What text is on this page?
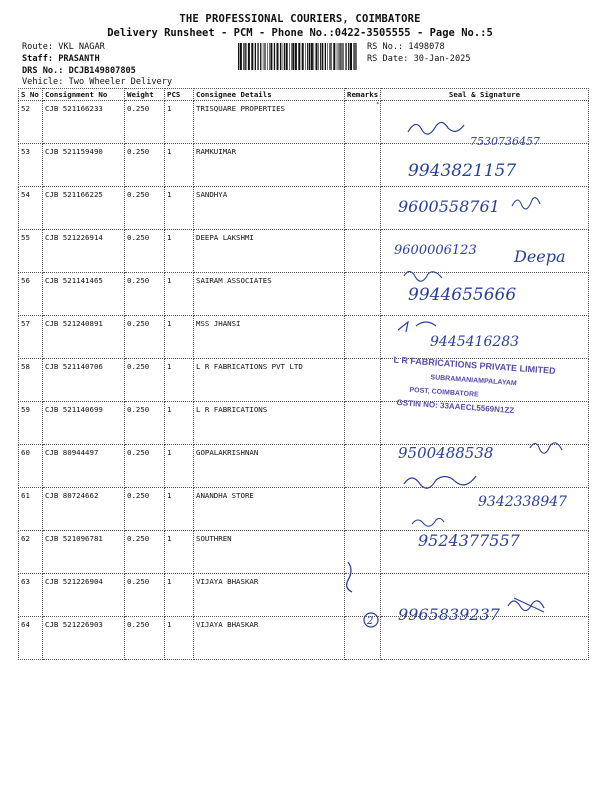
THE PROFESSIONAL COURIERS, COIMBATORE
Delivery Runsheet - PCM - Phone No.:0422-3505555 - Page No.:5
Route: VKL NAGAR
Staff: PRASANTH
DRS No.: DCJB149807805
Vehicle: Two Wheeler Delivery
RS No.: 1498078
RS Date: 30-Jan-2025
S No	Consignment No	Weight	PCS	Consignee Details	Remarks	Seal & Signature
52	CJB 521166233	0.250	1	TRISQUARE PROPERTIES		
53	CJB 521159490	0.250	1	RAMKUIMAR		
54	CJB 521166225	0.250	1	SANDHYA		
55	CJB 521226914	0.250	1	DEEPA LAKSHMI		
56	CJB 521141465	0.250	1	SAIRAM ASSOCIATES		
57	CJB 521240891	0.250	1	MSS JHANSI		
58	CJB 521140706	0.250	1	L R FABRICATIONS PVT LTD		
59	CJB 521140699	0.250	1	L R FABRICATIONS		
60	CJB 80944497	0.250	1	GOPALAKRISHNAN		
61	CJB 80724662	0.250	1	ANANDHA STORE		
62	CJB 521096781	0.250	1	SOUTHREN		
63	CJB 521226904	0.250	1	VIJAYA BHASKAR		
64	CJB 521226903	0.250	1	VIJAYA BHASKAR		
*
7530736457
9943821157
9600558761
9600006123 Deepa
9944655666
9445416283
L R FABRICATIONS PRIVATE LIMITED
SUBRAMANIAMPALAYAM
POST, COIMBATORE
GSTIN NO: 33AAECL5569N1ZZ
9500488538
9342338947
9524377557
2 9965839237
